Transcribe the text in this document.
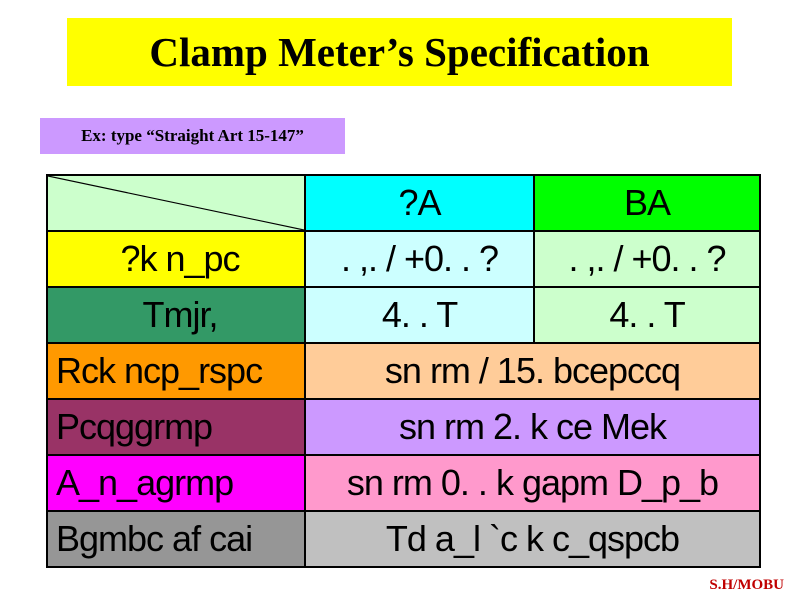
Clamp Meter’s Specification
Ex: type “Straight Art 15-147”
	?A	BA
?k n_pc	. ,. / +0. . ?	. ,. / +0. . ?
Tmjr,	4. . T	4. . T
Rck ncp_rspc	sn rm / 15. bcepccq	
Pcqggrmp	sn rm 2. k ce Mek	
A_n_agrmp	sn rm 0. . k gapm D_p_b	
Bgmbc af cai	Td a_l `c k c_qspcb	
S.H/MOBU
